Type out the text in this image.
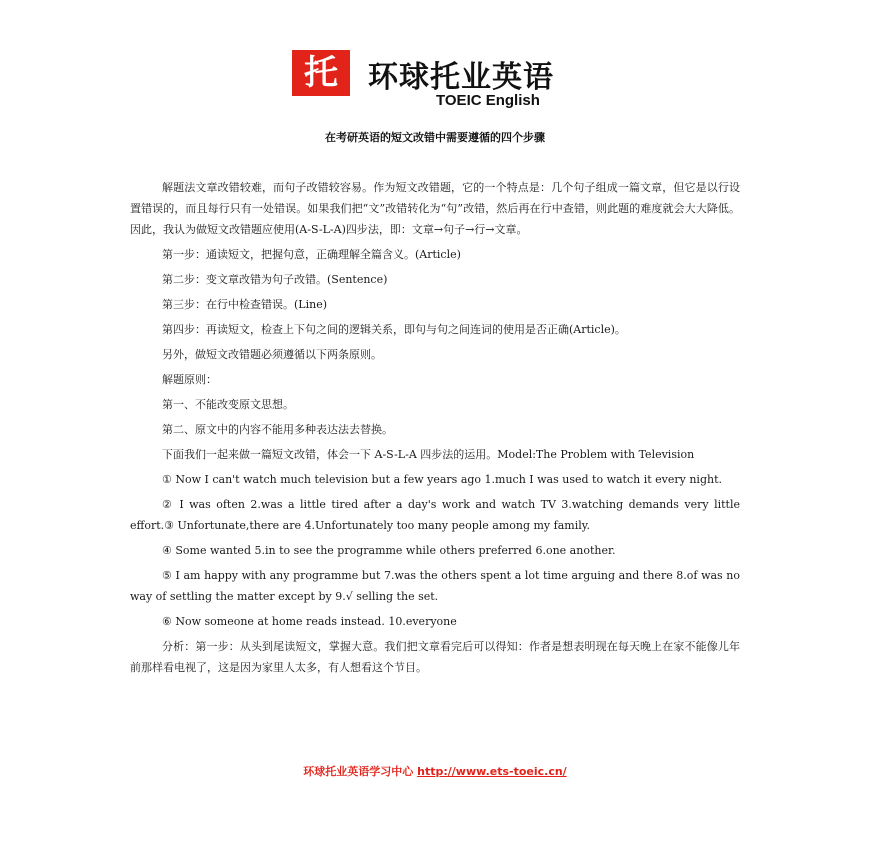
托	环球托业英语
TOEIC English
在考研英语的短文改错中需要遵循的四个步骤

解题法文章改错较难，而句子改错较容易。作为短文改错题，它的一个特点是：几个句子组成一篇文章，但它是以行设置错误的，而且每行只有一处错误。如果我们把“文”改错转化为“句”改错，然后再在行中查错，则此题的难度就会大大降低。因此，我认为做短文改错题应使用(A-S-L-A)四步法，即：文章→句子→行→文章。

第一步：通读短文，把握句意，正确理解全篇含义。(Article)

第二步：变文章改错为句子改错。(Sentence)

第三步：在行中检查错误。(Line)

第四步：再读短文，检查上下句之间的逻辑关系，即句与句之间连词的使用是否正确(Article)。

另外，做短文改错题必须遵循以下两条原则。

解题原则：

第一、不能改变原文思想。

第二、原文中的内容不能用多种表达法去替换。

下面我们一起来做一篇短文改错，体会一下 A-S-L-A 四步法的运用。Model:The Problem with Television

① Now I can't watch much television but a few years ago 1.much I was used to watch it every night.

② I was often 2.was a little tired after a day's work and watch TV 3.watching demands very little effort.③ Unfortunate,there are 4.Unfortunately too many people among my family.

④ Some wanted 5.in to see the programme while others preferred 6.one another.

⑤ I am happy with any programme but 7.was the others spent a lot time arguing and there 8.of was no way of settling the matter except by 9.√ selling the set.

⑥ Now someone at home reads instead. 10.everyone

分析：第一步：从头到尾读短文，掌握大意。我们把文章看完后可以得知：作者是想表明现在每天晚上在家不能像儿年前那样看电视了，这是因为家里人太多，有人想看这个节目。

环球托业英语学习中心 http://www.ets-toeic.cn/
